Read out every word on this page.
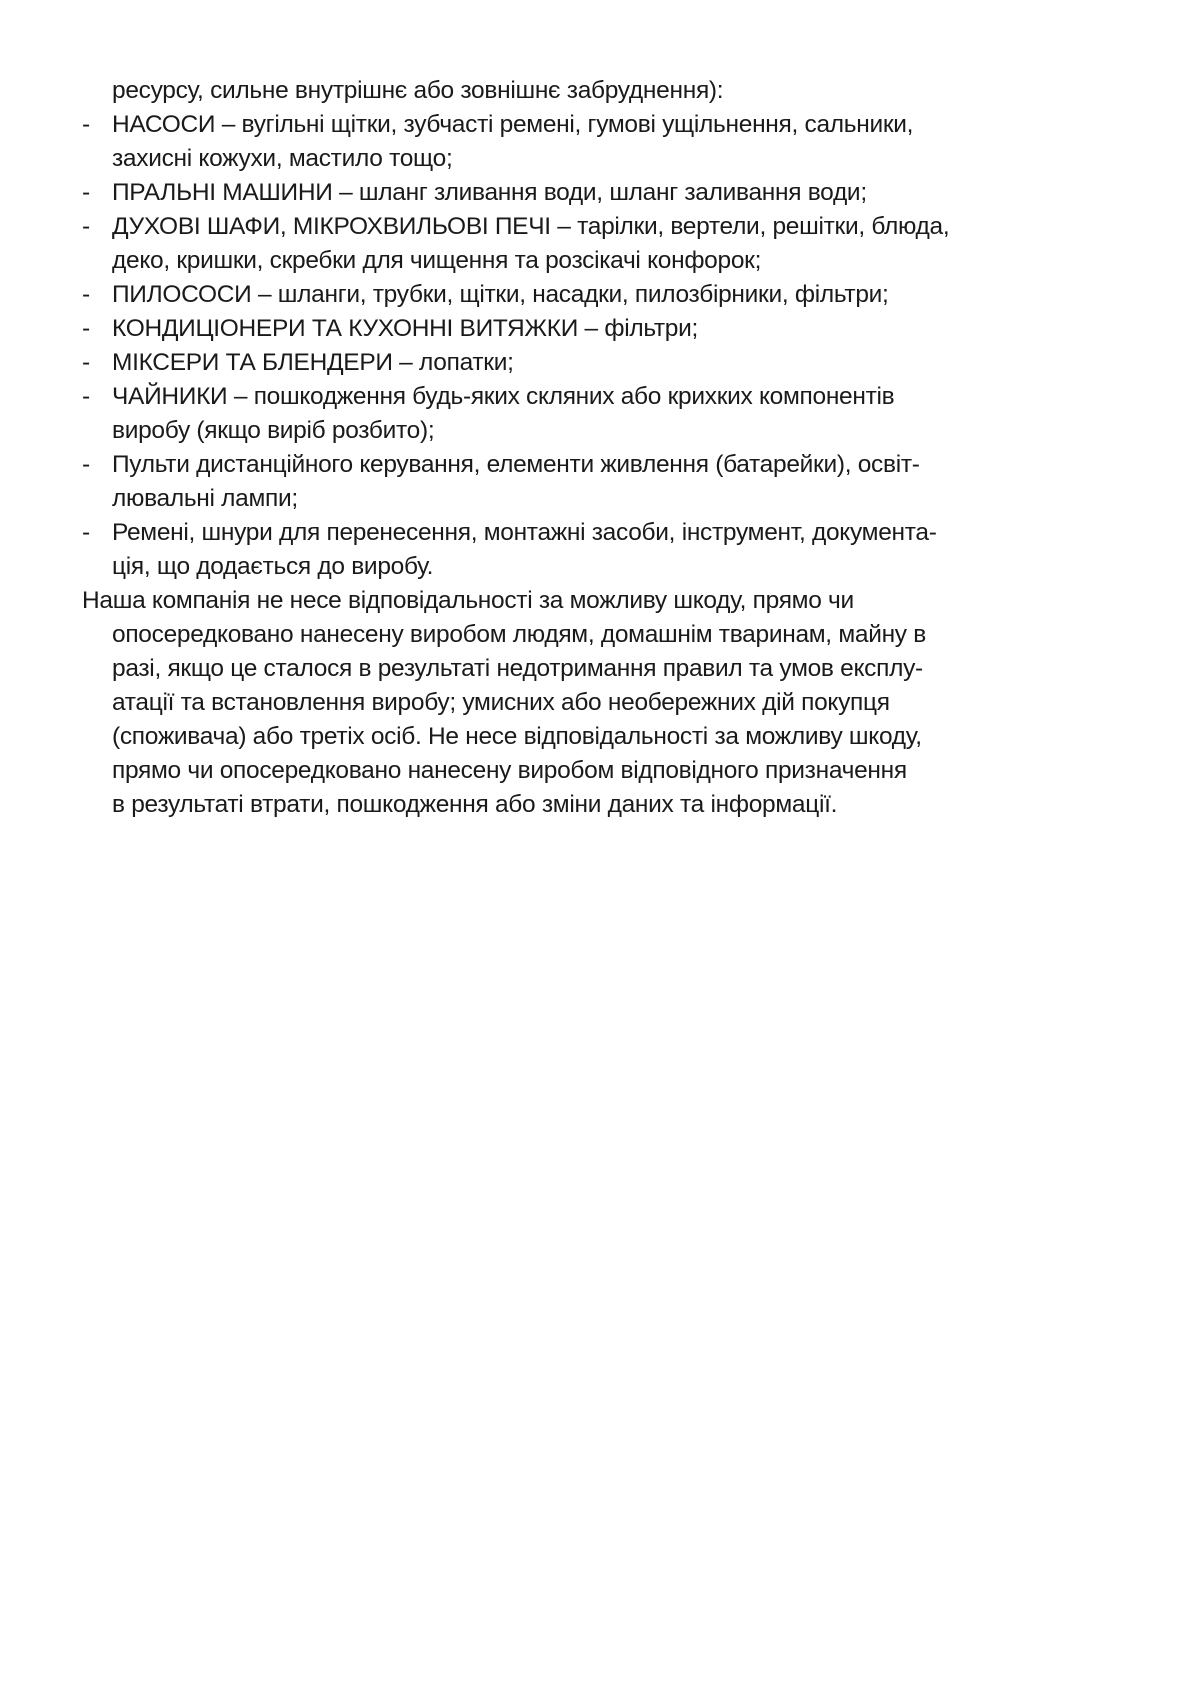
ресурсу, сильне внутрішнє або зовнішнє забруднення):
- НАСОСИ – вугільні щітки, зубчасті ремені, гумові ущільнення, сальники,
захисні кожухи, мастило тощо;
- ПРАЛЬНІ МАШИНИ – шланг зливання води, шланг заливання води;
- ДУХОВІ ШАФИ, МІКРОХВИЛЬОВІ ПЕЧІ – тарілки, вертели, решітки, блюда,
деко, кришки, скребки для чищення та розсікачі конфорок;
- ПИЛОСОСИ – шланги, трубки, щітки, насадки, пилозбірники, фільтри;
- КОНДИЦІОНЕРИ ТА КУХОННІ ВИТЯЖКИ – фільтри;
- МІКСЕРИ ТА БЛЕНДЕРИ – лопатки;
- ЧАЙНИКИ – пошкодження будь-яких скляних або крихких компонентів
виробу (якщо виріб розбито);
- Пульти дистанційного керування, елементи живлення (батарейки), освіт-
лювальні лампи;
- Ремені, шнури для перенесення, монтажні засоби, інструмент, документа-
ція, що додається до виробу.
Наша компанія не несе відповідальності за можливу шкоду, прямо чи
опосередковано нанесену виробом людям, домашнім тваринам, майну в
разі, якщо це сталося в результаті недотримання правил та умов експлу-
атації та встановлення виробу; умисних або необережних дій покупця
(споживача) або третіх осіб. Не несе відповідальності за можливу шкоду,
прямо чи опосередковано нанесену виробом відповідного призначення
в результаті втрати, пошкодження або зміни даних та інформації.
